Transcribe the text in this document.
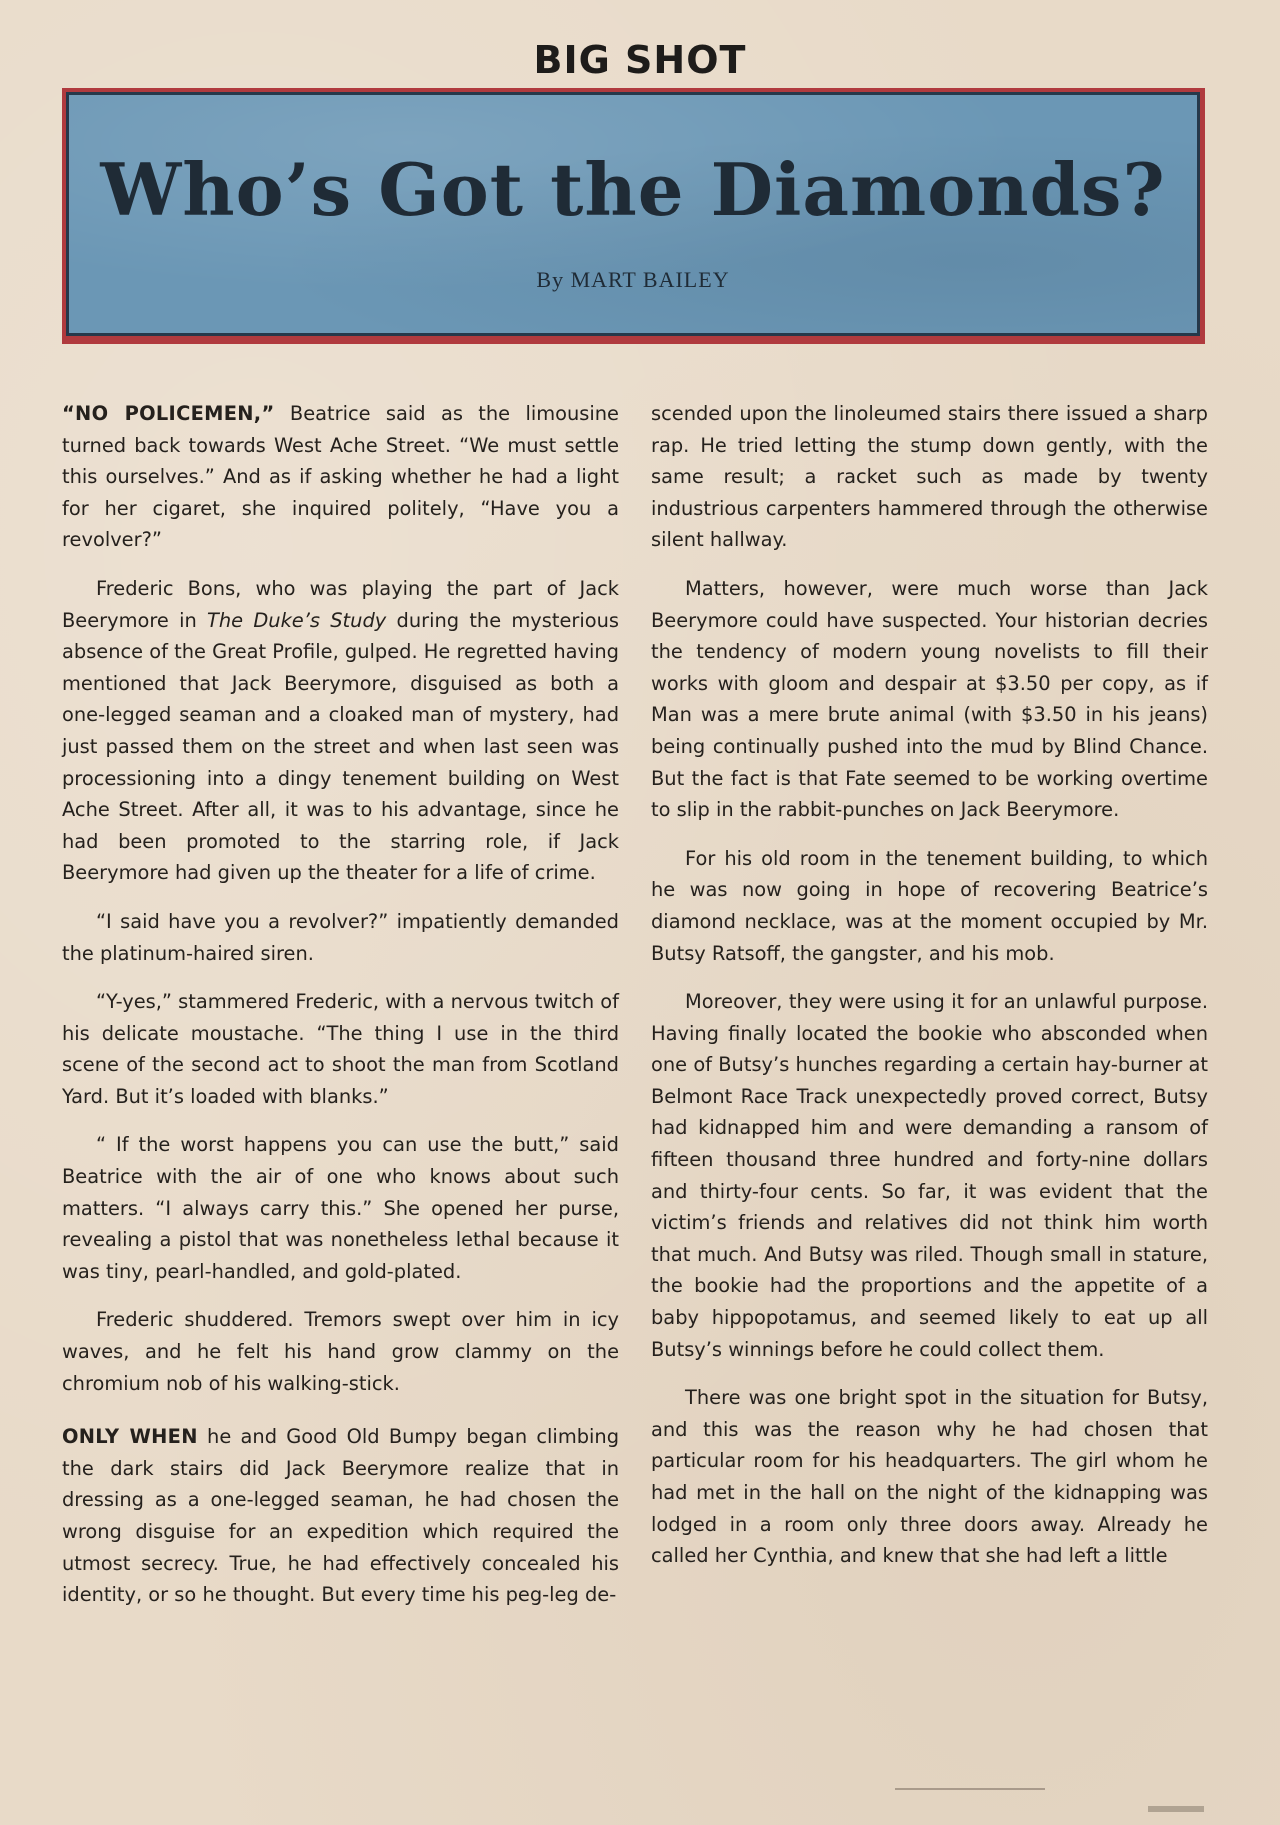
BIG SHOT
Who’s Got the Diamonds?
By MART BAILEY

“NO POLICEMEN,” Beatrice said as the limousine turned back towards West Ache Street. “We must settle this ourselves.” And as if asking whether he had a light for her cigaret, she inquired politely, “Have you a revolver?”

Frederic Bons, who was playing the part of Jack Beerymore in The Duke’s Study during the mysterious absence of the Great Profile, gulped. He regretted having mentioned that Jack Beerymore, disguised as both a one-legged seaman and a cloaked man of mystery, had just passed them on the street and when last seen was processioning into a dingy tenement building on West Ache Street. After all, it was to his advantage, since he had been promoted to the starring role, if Jack Beerymore had given up the theater for a life of crime.

“I said have you a revolver?” impatiently demanded the platinum-haired siren.

“Y-yes,” stammered Frederic, with a nervous twitch of his delicate moustache. “The thing I use in the third scene of the second act to shoot the man from Scotland Yard. But it’s loaded with blanks.”

“ If the worst happens you can use the butt,” said Beatrice with the air of one who knows about such matters. “I always carry this.” She opened her purse, revealing a pistol that was nonetheless lethal because it was tiny, pearl-handled, and gold-plated.

Frederic shuddered. Tremors swept over him in icy waves, and he felt his hand grow clammy on the chromium nob of his walking-stick.

ONLY WHEN he and Good Old Bumpy began climbing the dark stairs did Jack Beerymore realize that in dressing as a one-legged seaman, he had chosen the wrong disguise for an expedition which required the utmost secrecy. True, he had effectively concealed his identity, or so he thought. But every time his peg-leg de-

scended upon the linoleumed stairs there issued a sharp rap. He tried letting the stump down gently, with the same result; a racket such as made by twenty industrious carpenters hammered through the otherwise silent hallway.

Matters, however, were much worse than Jack Beerymore could have suspected. Your historian decries the tendency of modern young novelists to fill their works with gloom and despair at $3.50 per copy, as if Man was a mere brute animal (with $3.50 in his jeans) being continually pushed into the mud by Blind Chance. But the fact is that Fate seemed to be working overtime to slip in the rabbit-punches on Jack Beerymore.

For his old room in the tenement building, to which he was now going in hope of recovering Beatrice’s diamond necklace, was at the moment occupied by Mr. Butsy Ratsoff, the gangster, and his mob.

Moreover, they were using it for an unlawful purpose. Having finally located the bookie who absconded when one of Butsy’s hunches regarding a certain hay-burner at Belmont Race Track unexpectedly proved correct, Butsy had kidnapped him and were demanding a ransom of fifteen thousand three hundred and forty-nine dollars and thirty-four cents. So far, it was evident that the victim’s friends and relatives did not think him worth that much. And Butsy was riled. Though small in stature, the bookie had the proportions and the appetite of a baby hippopotamus, and seemed likely to eat up all Butsy’s winnings before he could collect them.

There was one bright spot in the situation for Butsy, and this was the reason why he had chosen that particular room for his headquarters. The girl whom he had met in the hall on the night of the kidnapping was lodged in a room only three doors away. Already he called her Cynthia, and knew that she had left a little
